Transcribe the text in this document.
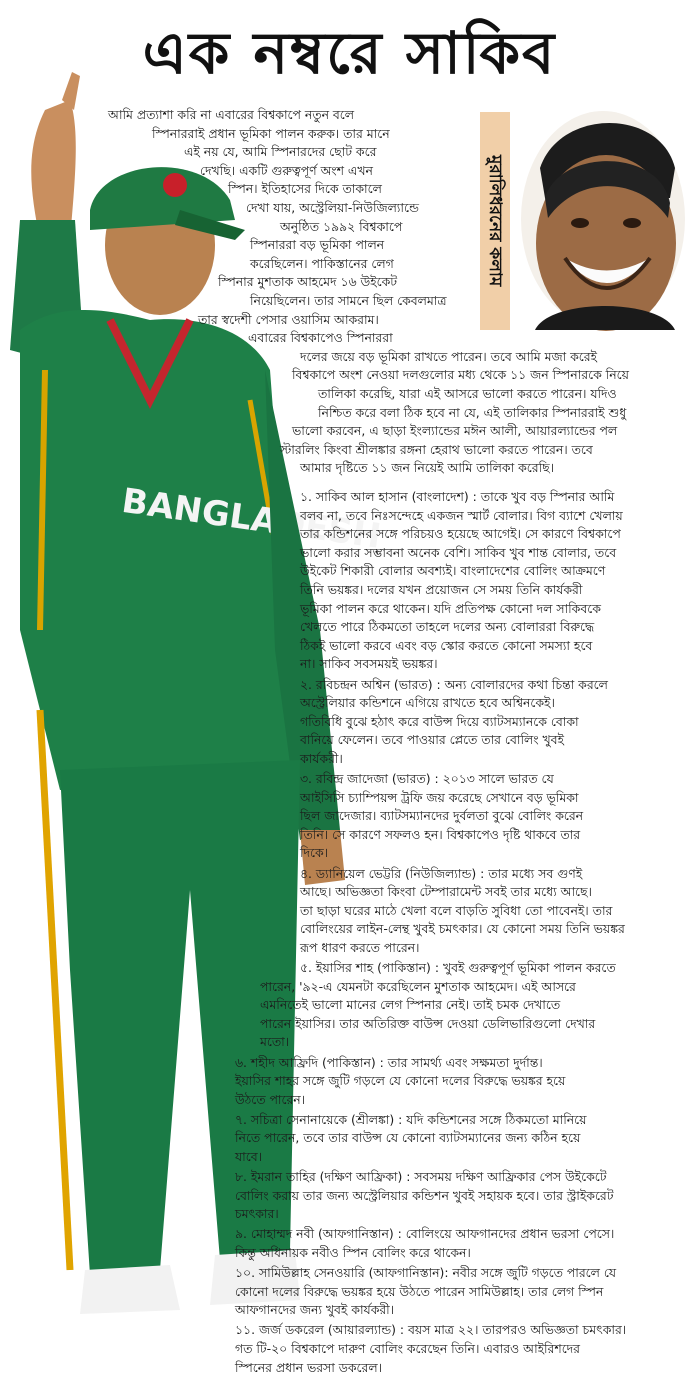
এক নম্বরে সাকিব
BANGLADESH
মুরালিধরনের কলাম
আমি প্রত্যাশা করি না এবারের বিশ্বকাপে নতুন বলে
স্পিনাররাই প্রধান ভূমিকা পালন করুক। তার মানে
এই নয় যে, আমি স্পিনারদের ছোট করে
দেখছি। একটি গুরুত্বপূর্ণ অংশ এখন
স্পিন। ইতিহাসের দিকে তাকালে
দেখা যায়, অস্ট্রেলিয়া-নিউজিল্যান্ডে
অনুষ্ঠিত ১৯৯২ বিশ্বকাপে
স্পিনাররা বড় ভূমিকা পালন
করেছিলেন। পাকিস্তানের লেগ
স্পিনার মুশতাক আহমেদ ১৬ উইকেট
নিয়েছিলেন। তার সামনে ছিল কেবলমাত্র
তার স্বদেশী পেসার ওয়াসিম আকরাম।
এবারের বিশ্বকাপেও স্পিনাররা
দলের জয়ে বড় ভূমিকা রাখতে পারেন। তবে আমি মজা করেই
বিশ্বকাপে অংশ নেওয়া দলগুলোর মধ্য থেকে ১১ জন স্পিনারকে নিয়ে
তালিকা করেছি, যারা এই আসরে ভালো করতে পারেন। যদিও
নিশ্চিত করে বলা ঠিক হবে না যে, এই তালিকার স্পিনাররাই শুধু
ভালো করবেন, এ ছাড়া ইংল্যান্ডের মঈন আলী, আয়ারল্যান্ডের পল
স্টারলিং কিংবা শ্রীলঙ্কার রঙ্গনা হেরাথ ভালো করতে পারেন। তবে
আমার দৃষ্টিতে ১১ জন নিয়েই আমি তালিকা করেছি।
১. সাকিব আল হাসান (বাংলাদেশ) : তাকে খুব বড় স্পিনার আমি
বলব না, তবে নিঃসন্দেহে একজন স্মার্ট বোলার। বিগ ব্যাশে খেলায়
তার কন্ডিশনের সঙ্গে পরিচয়ও হয়েছে আগেই। সে কারণে বিশ্বকাপে
ভালো করার সম্ভাবনা অনেক বেশি। সাকিব খুব শান্ত বোলার, তবে
উইকেট শিকারী বোলার অবশ্যই। বাংলাদেশের বোলিং আক্রমণে
তিনি ভয়ঙ্কর। দলের যখন প্রয়োজন সে সময় তিনি কার্যকরী
ভূমিকা পালন করে থাকেন। যদি প্রতিপক্ষ কোনো দল সাকিবকে
খেলতে পারে ঠিকমতো তাহলে দলের অন্য বোলাররা বিরুদ্ধে
ঠিকই ভালো করবে এবং বড় স্কোর করতে কোনো সমস্যা হবে
না। সাকিব সবসময়ই ভয়ঙ্কর।
২. রবিচন্দ্রন অশ্বিন (ভারত) : অন্য বোলারদের কথা চিন্তা করলে
অস্ট্রেলিয়ার কন্ডিশনে এগিয়ে রাখতে হবে অশ্বিনকেই।
গতিবিধি বুঝে হঠাৎ করে বাউন্স দিয়ে ব্যাটসম্যানকে বোকা
বানিয়ে ফেলেন। তবে পাওয়ার প্লেতে তার বোলিং খুবই
কার্যকরী।
৩. রবিন্দ্র জাদেজা (ভারত) : ২০১৩ সালে ভারত যে
আইসিসি চ্যাম্পিয়ন্স ট্রফি জয় করেছে সেখানে বড় ভূমিকা
ছিল জাদেজার। ব্যাটসম্যানদের দুর্বলতা বুঝে বোলিং করেন
তিনি। সে কারণে সফলও হন। বিশ্বকাপেও দৃষ্টি থাকবে তার
দিকে।
৪. ড্যানিয়েল ভেট্টরি (নিউজিল্যান্ড) : তার মধ্যে সব গুণই
আছে। অভিজ্ঞতা কিংবা টেম্পারামেন্ট সবই তার মধ্যে আছে।
তা ছাড়া ঘরের মাঠে খেলা বলে বাড়তি সুবিধা তো পাবেনই। তার
বোলিংয়ের লাইন-লেন্থ খুবই চমৎকার। যে কোনো সময় তিনি ভয়ঙ্কর
রূপ ধারণ করতে পারেন।
৫. ইয়াসির শাহ (পাকিস্তান) : খুবই গুরুত্বপূর্ণ ভূমিকা পালন করতে
পারেন, '৯২-এ যেমনটা করেছিলেন মুশতাক আহমেদ। এই আসরে
এমনিতেই ভালো মানের লেগ স্পিনার নেই। তাই চমক দেখাতে
পারেন ইয়াসির। তার অতিরিক্ত বাউন্স দেওয়া ডেলিভারিগুলো দেখার
মতো।
৬. শহীদ আফ্রিদি (পাকিস্তান) : তার সামর্থ্য এবং সক্ষমতা দুর্দান্ত।
ইয়াসির শাহর সঙ্গে জুটি গড়লে যে কোনো দলের বিরুদ্ধে ভয়ঙ্কর হয়ে
উঠতে পারেন।
৭. সচিত্রা সেনানায়েকে (শ্রীলঙ্কা) : যদি কন্ডিশনের সঙ্গে ঠিকমতো মানিয়ে
নিতে পারেন, তবে তার বাউন্স যে কোনো ব্যাটসম্যানের জন্য কঠিন হয়ে
যাবে।
৮. ইমরান তাহির (দক্ষিণ আফ্রিকা) : সবসময় দক্ষিণ আফ্রিকার পেস উইকেটে
বোলিং করায় তার জন্য অস্ট্রেলিয়ার কন্ডিশন খুবই সহায়ক হবে। তার স্ট্রাইকরেট
চমৎকার।
৯. মোহাম্মদ নবী (আফগানিস্তান) : বোলিংয়ে আফগানদের প্রধান ভরসা পেসে।
কিন্তু অধিনায়ক নবীও স্পিন বোলিং করে থাকেন।
১০. সামিউল্লাহ সেনওয়ারি (আফগানিস্তান): নবীর সঙ্গে জুটি গড়তে পারলে যে
কোনো দলের বিরুদ্ধে ভয়ঙ্কর হয়ে উঠতে পারেন সামিউল্লাহ। তার লেগ স্পিন
আফগানদের জন্য খুবই কার্যকরী।
১১. জর্জ ডকরেল (আয়ারল্যান্ড) : বয়স মাত্র ২২। তারপরও অভিজ্ঞতা চমৎকার।
গত টি-২০ বিশ্বকাপে দারুণ বোলিং করেছেন তিনি। এবারও আইরিশদের
স্পিনের প্রধান ভরসা ডকরেল।
